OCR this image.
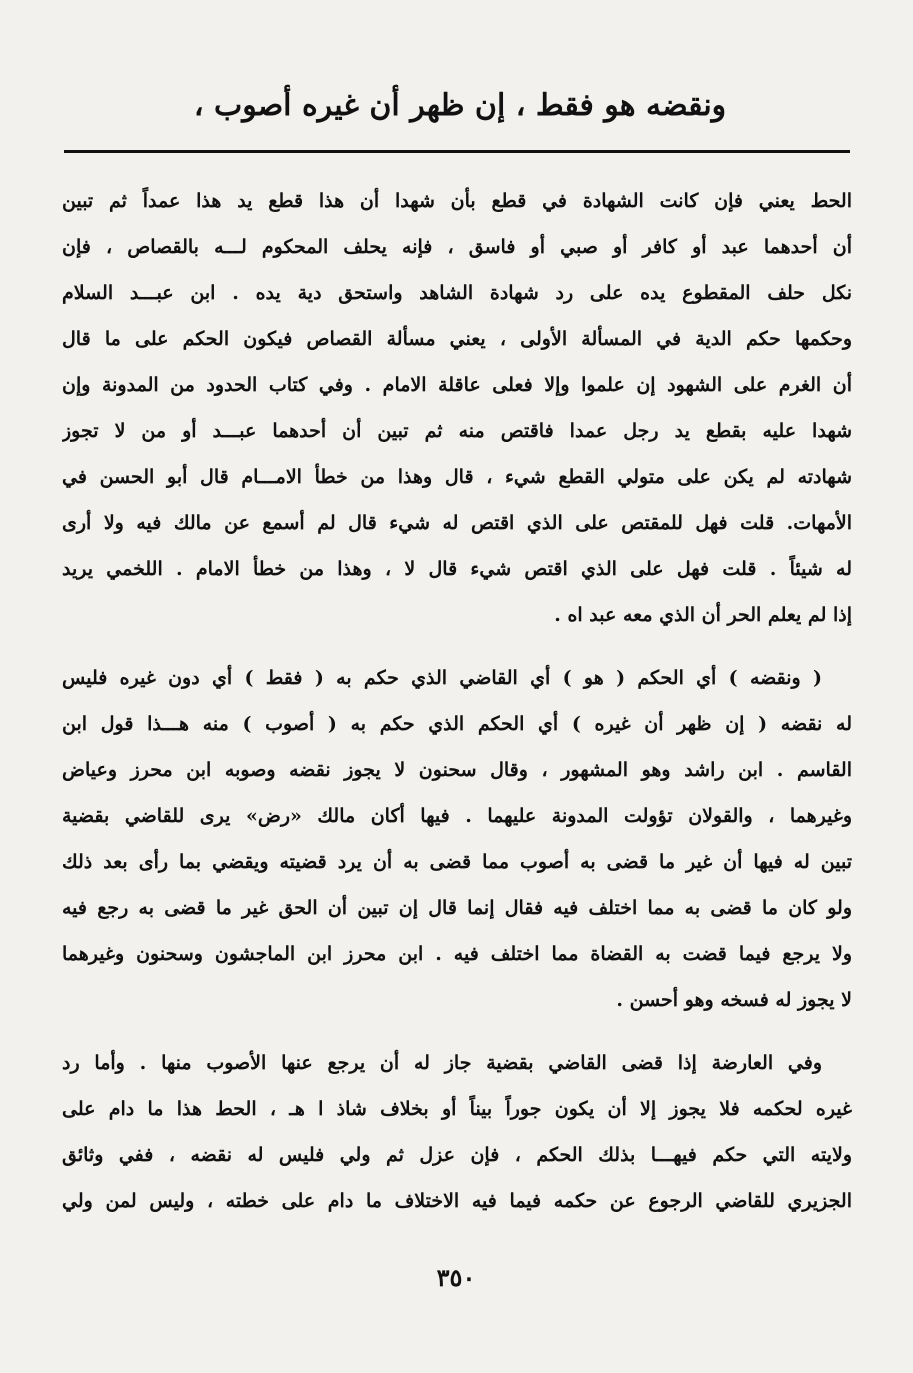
ونقضه هو فقط ، إن ظهر أن غيره أصوب ،
الحط يعني فإن كانت الشهادة في قطع بأن شهدا أن هذا قطع يد هذا عمداً ثم تبين
أن أحدهما عبد أو كافر أو صبي أو فاسق ، فإنه يحلف المحكوم لـــه بالقصاص ، فإن
نكل حلف المقطوع يده على رد شهادة الشاهد واستحق دية يده . ابن عبـــد السلام
وحكمها حكم الدية في المسألة الأولى ، يعني مسألة القصاص فيكون الحكم على ما قال
أن الغرم على الشهود إن علموا وإلا فعلى عاقلة الامام . وفي كتاب الحدود من المدونة وإن
شهدا عليه بقطع يد رجل عمدا فاقتص منه ثم تبين أن أحدهما عبـــد أو من لا تجوز
شهادته لم يكن على متولي القطع شيء ، قال وهذا من خطأ الامـــام قال أبو الحسن في
الأمهات. قلت فهل للمقتص على الذي اقتص له شيء قال لم أسمع عن مالك فيه ولا أرى
له شيئاً . قلت فهل على الذي اقتص شيء قال لا ، وهذا من خطأ الامام . اللخمي يريد
إذا لم يعلم الحر أن الذي معه عبد اه .
( ونقضه ) أي الحكم ( هو ) أي القاضي الذي حكم به ( فقط ) أي دون غيره فليس
له نقضه ( إن ظهر أن غيره ) أي الحكم الذي حكم به ( أصوب ) منه هـــذا قول ابن
القاسم . ابن راشد وهو المشهور ، وقال سحنون لا يجوز نقضه وصوبه ابن محرز وعياض
وغيرهما ، والقولان تؤولت المدونة عليهما . فيها أكان مالك «رض» يرى للقاضي بقضية
تبين له فيها أن غير ما قضى به أصوب مما قضى به أن يرد قضيته ويقضي بما رأى بعد ذلك
ولو كان ما قضى به مما اختلف فيه فقال إنما قال إن تبين أن الحق غير ما قضى به رجع فيه
ولا يرجع فيما قضت به القضاة مما اختلف فيه . ابن محرز ابن الماجشون وسحنون وغيرهما
لا يجوز له فسخه وهو أحسن .
وفي العارضة إذا قضى القاضي بقضية جاز له أن يرجع عنها الأصوب منها . وأما رد
غيره لحكمه فلا يجوز إلا أن يكون جوراً بيناً أو بخلاف شاذ ا هـ ، الحط هذا ما دام على
ولايته التي حكم فيهـــا بذلك الحكم ، فإن عزل ثم ولي فليس له نقضه ، ففي وثائق
الجزيري للقاضي الرجوع عن حكمه فيما فيه الاختلاف ما دام على خطته ، وليس لمن ولي
٣٥٠
